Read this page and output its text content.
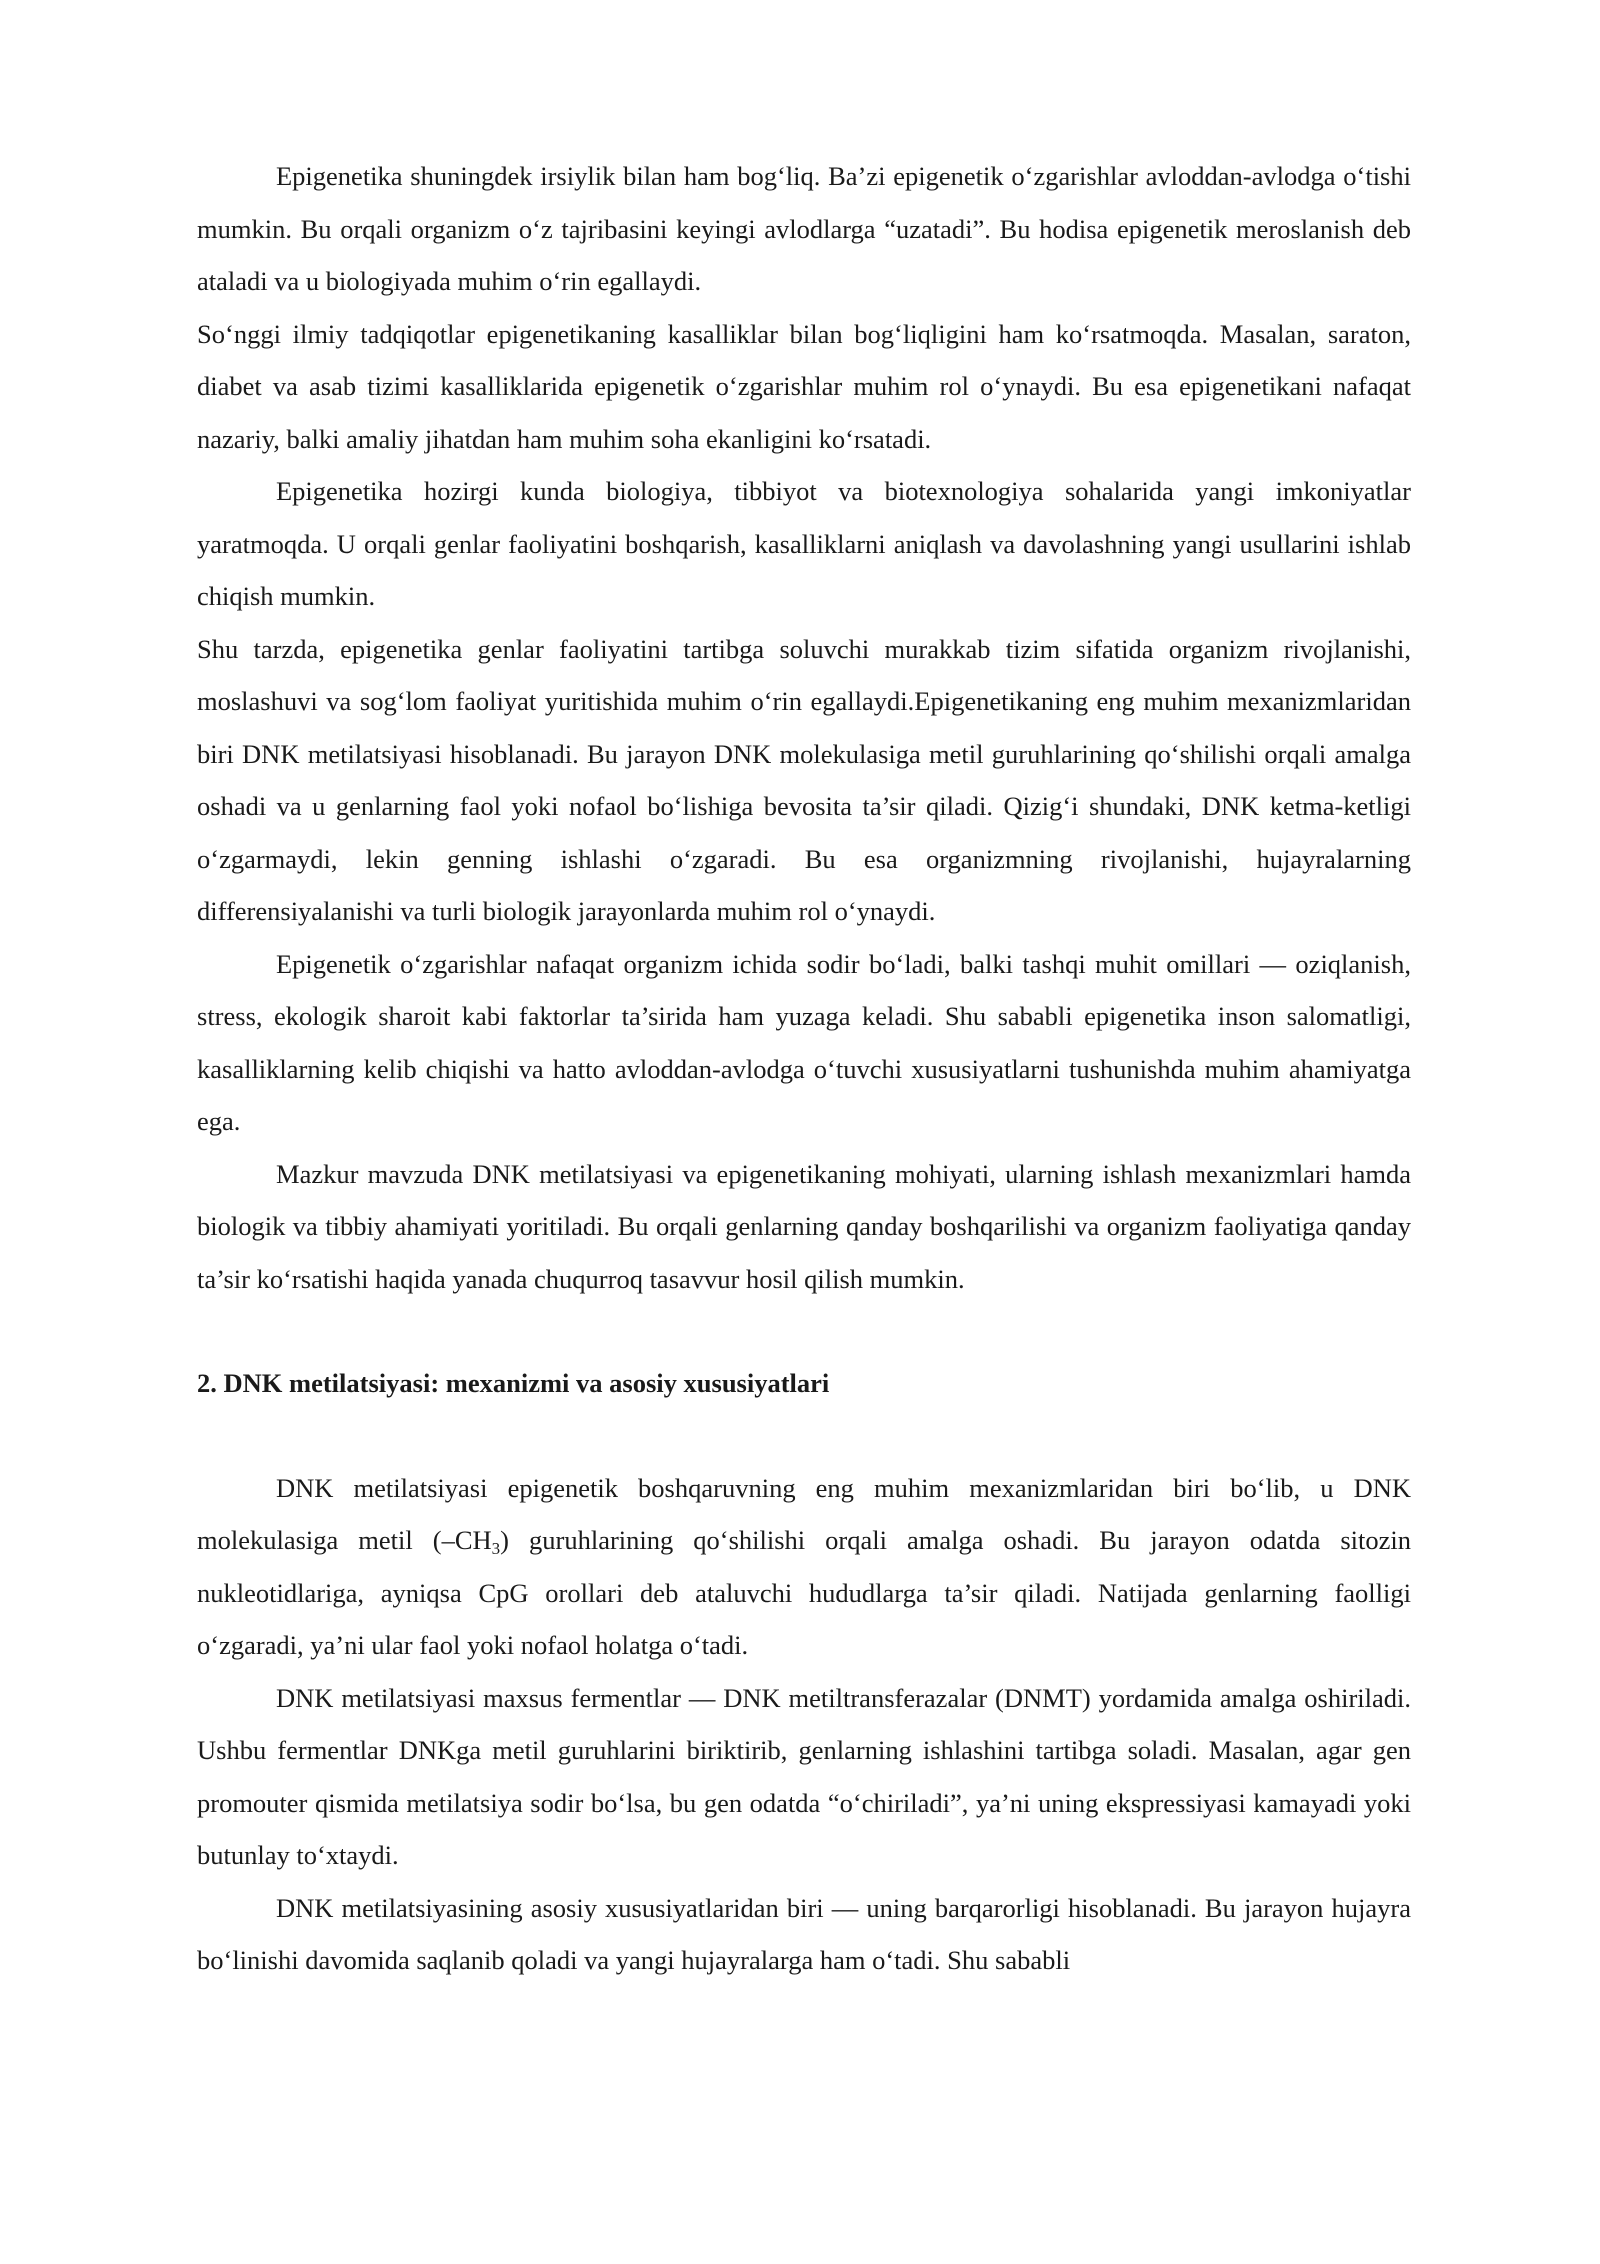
Epigenetika shuningdek irsiylik bilan ham bog‘liq. Ba’zi epigenetik o‘zgarishlar avloddan-avlodga o‘tishi mumkin. Bu orqali organizm o‘z tajribasini keyingi avlodlarga “uzatadi”. Bu hodisa epigenetik meroslanish deb ataladi va u biologiyada muhim o‘rin egallaydi.

So‘nggi ilmiy tadqiqotlar epigenetikaning kasalliklar bilan bog‘liqligini ham ko‘rsatmoqda. Masalan, saraton, diabet va asab tizimi kasalliklarida epigenetik o‘zgarishlar muhim rol o‘ynaydi. Bu esa epigenetikani nafaqat nazariy, balki amaliy jihatdan ham muhim soha ekanligini ko‘rsatadi.

Epigenetika hozirgi kunda biologiya, tibbiyot va biotexnologiya sohalarida yangi imkoniyatlar yaratmoqda. U orqali genlar faoliyatini boshqarish, kasalliklarni aniqlash va davolashning yangi usullarini ishlab chiqish mumkin.

Shu tarzda, epigenetika genlar faoliyatini tartibga soluvchi murakkab tizim sifatida organizm rivojlanishi, moslashuvi va sog‘lom faoliyat yuritishida muhim o‘rin egallaydi.Epigenetikaning eng muhim mexanizmlaridan biri DNK metilatsiyasi hisoblanadi. Bu jarayon DNK molekulasiga metil guruhlarining qo‘shilishi orqali amalga oshadi va u genlarning faol yoki nofaol bo‘lishiga bevosita ta’sir qiladi. Qizig‘i shundaki, DNK ketma-ketligi o‘zgarmaydi, lekin genning ishlashi o‘zgaradi. Bu esa organizmning rivojlanishi, hujayralarning differensiyalanishi va turli biologik jarayonlarda muhim rol o‘ynaydi.

Epigenetik o‘zgarishlar nafaqat organizm ichida sodir bo‘ladi, balki tashqi muhit omillari — oziqlanish, stress, ekologik sharoit kabi faktorlar ta’sirida ham yuzaga keladi. Shu sababli epigenetika inson salomatligi, kasalliklarning kelib chiqishi va hatto avloddan-avlodga o‘tuvchi xususiyatlarni tushunishda muhim ahamiyatga ega.

Mazkur mavzuda DNK metilatsiyasi va epigenetikaning mohiyati, ularning ishlash mexanizmlari hamda biologik va tibbiy ahamiyati yoritiladi. Bu orqali genlarning qanday boshqarilishi va organizm faoliyatiga qanday ta’sir ko‘rsatishi haqida yanada chuqurroq tasavvur hosil qilish mumkin.

2. DNK metilatsiyasi: mexanizmi va asosiy xususiyatlari

DNK metilatsiyasi epigenetik boshqaruvning eng muhim mexanizmlaridan biri bo‘lib, u DNK molekulasiga metil $(-CH_3)$ guruhlarining qo‘shilishi orqali amalga oshadi. Bu jarayon odatda sitozin nukleotidlariga, ayniqsa CpG orollari deb ataluvchi hududlarga ta’sir qiladi. Natijada genlarning faolligi o‘zgaradi, ya’ni ular faol yoki nofaol holatga o‘tadi.

DNK metilatsiyasi maxsus fermentlar — DNK metiltransferazalar (DNMT) yordamida amalga oshiriladi. Ushbu fermentlar DNKga metil guruhlarini biriktirib, genlarning ishlashini tartibga soladi. Masalan, agar gen promouter qismida metilatsiya sodir bo‘lsa, bu gen odatda “o‘chiriladi”, ya’ni uning ekspressiyasi kamayadi yoki butunlay to‘xtaydi.

DNK metilatsiyasining asosiy xususiyatlaridan biri — uning barqarorligi hisoblanadi. Bu jarayon hujayra bo‘linishi davomida saqlanib qoladi va yangi hujayralarga ham o‘tadi. Shu sababli
